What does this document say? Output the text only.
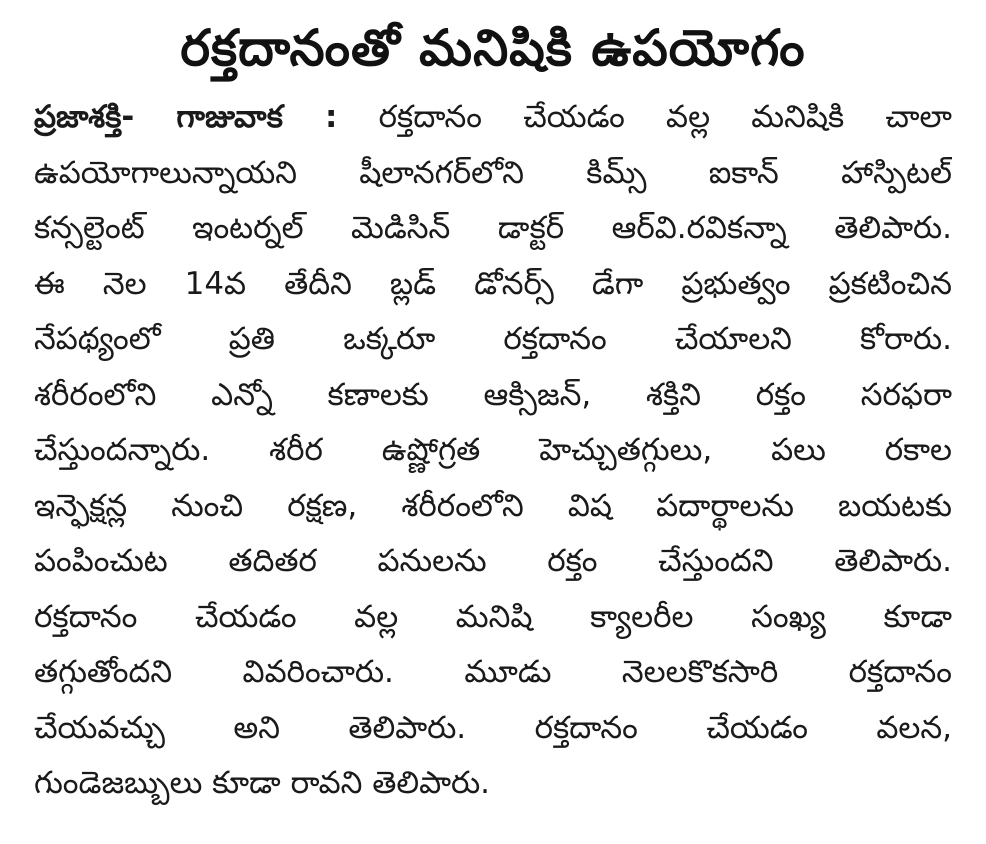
రక్తదానంతో మనిషికి ఉపయోగం
ప్రజాశక్తి- గాజువాక : రక్తదానం చేయడం వల్ల మనిషికి చాలా
ఉపయోగాలున్నాయని షీలానగర్‌లోని కిమ్స్ ఐకాన్ హాస్పిటల్
కన్సల్టెంట్ ఇంటర్నల్ మెడిసిన్ డాక్టర్ ఆర్‌వి.రవికన్నా తెలిపారు.
ఈ నెల 14వ తేదీని బ్లడ్ డోనర్స్ డేగా ప్రభుత్వం ప్రకటించిన
నేపథ్యంలో ప్రతి ఒక్కరూ రక్తదానం చేయాలని కోరారు.
శరీరంలోని ఎన్నో కణాలకు ఆక్సిజన్, శక్తిని రక్తం సరఫరా
చేస్తుందన్నారు. శరీర ఉష్ణోగ్రత హెచ్చుతగ్గులు, పలు రకాల
ఇన్ఫెక్షన్ల నుంచి రక్షణ, శరీరంలోని విష పదార్థాలను బయటకు
పంపించుట తదితర పనులను రక్తం చేస్తుందని తెలిపారు.
రక్తదానం చేయడం వల్ల మనిషి క్యాలరీల సంఖ్య కూడా
తగ్గుతోందని వివరించారు. మూడు నెలలకొకసారి రక్తదానం
చేయవచ్చు అని తెలిపారు. రక్తదానం చేయడం వలన,
గుండెజబ్బులు కూడా రావని తెలిపారు.
